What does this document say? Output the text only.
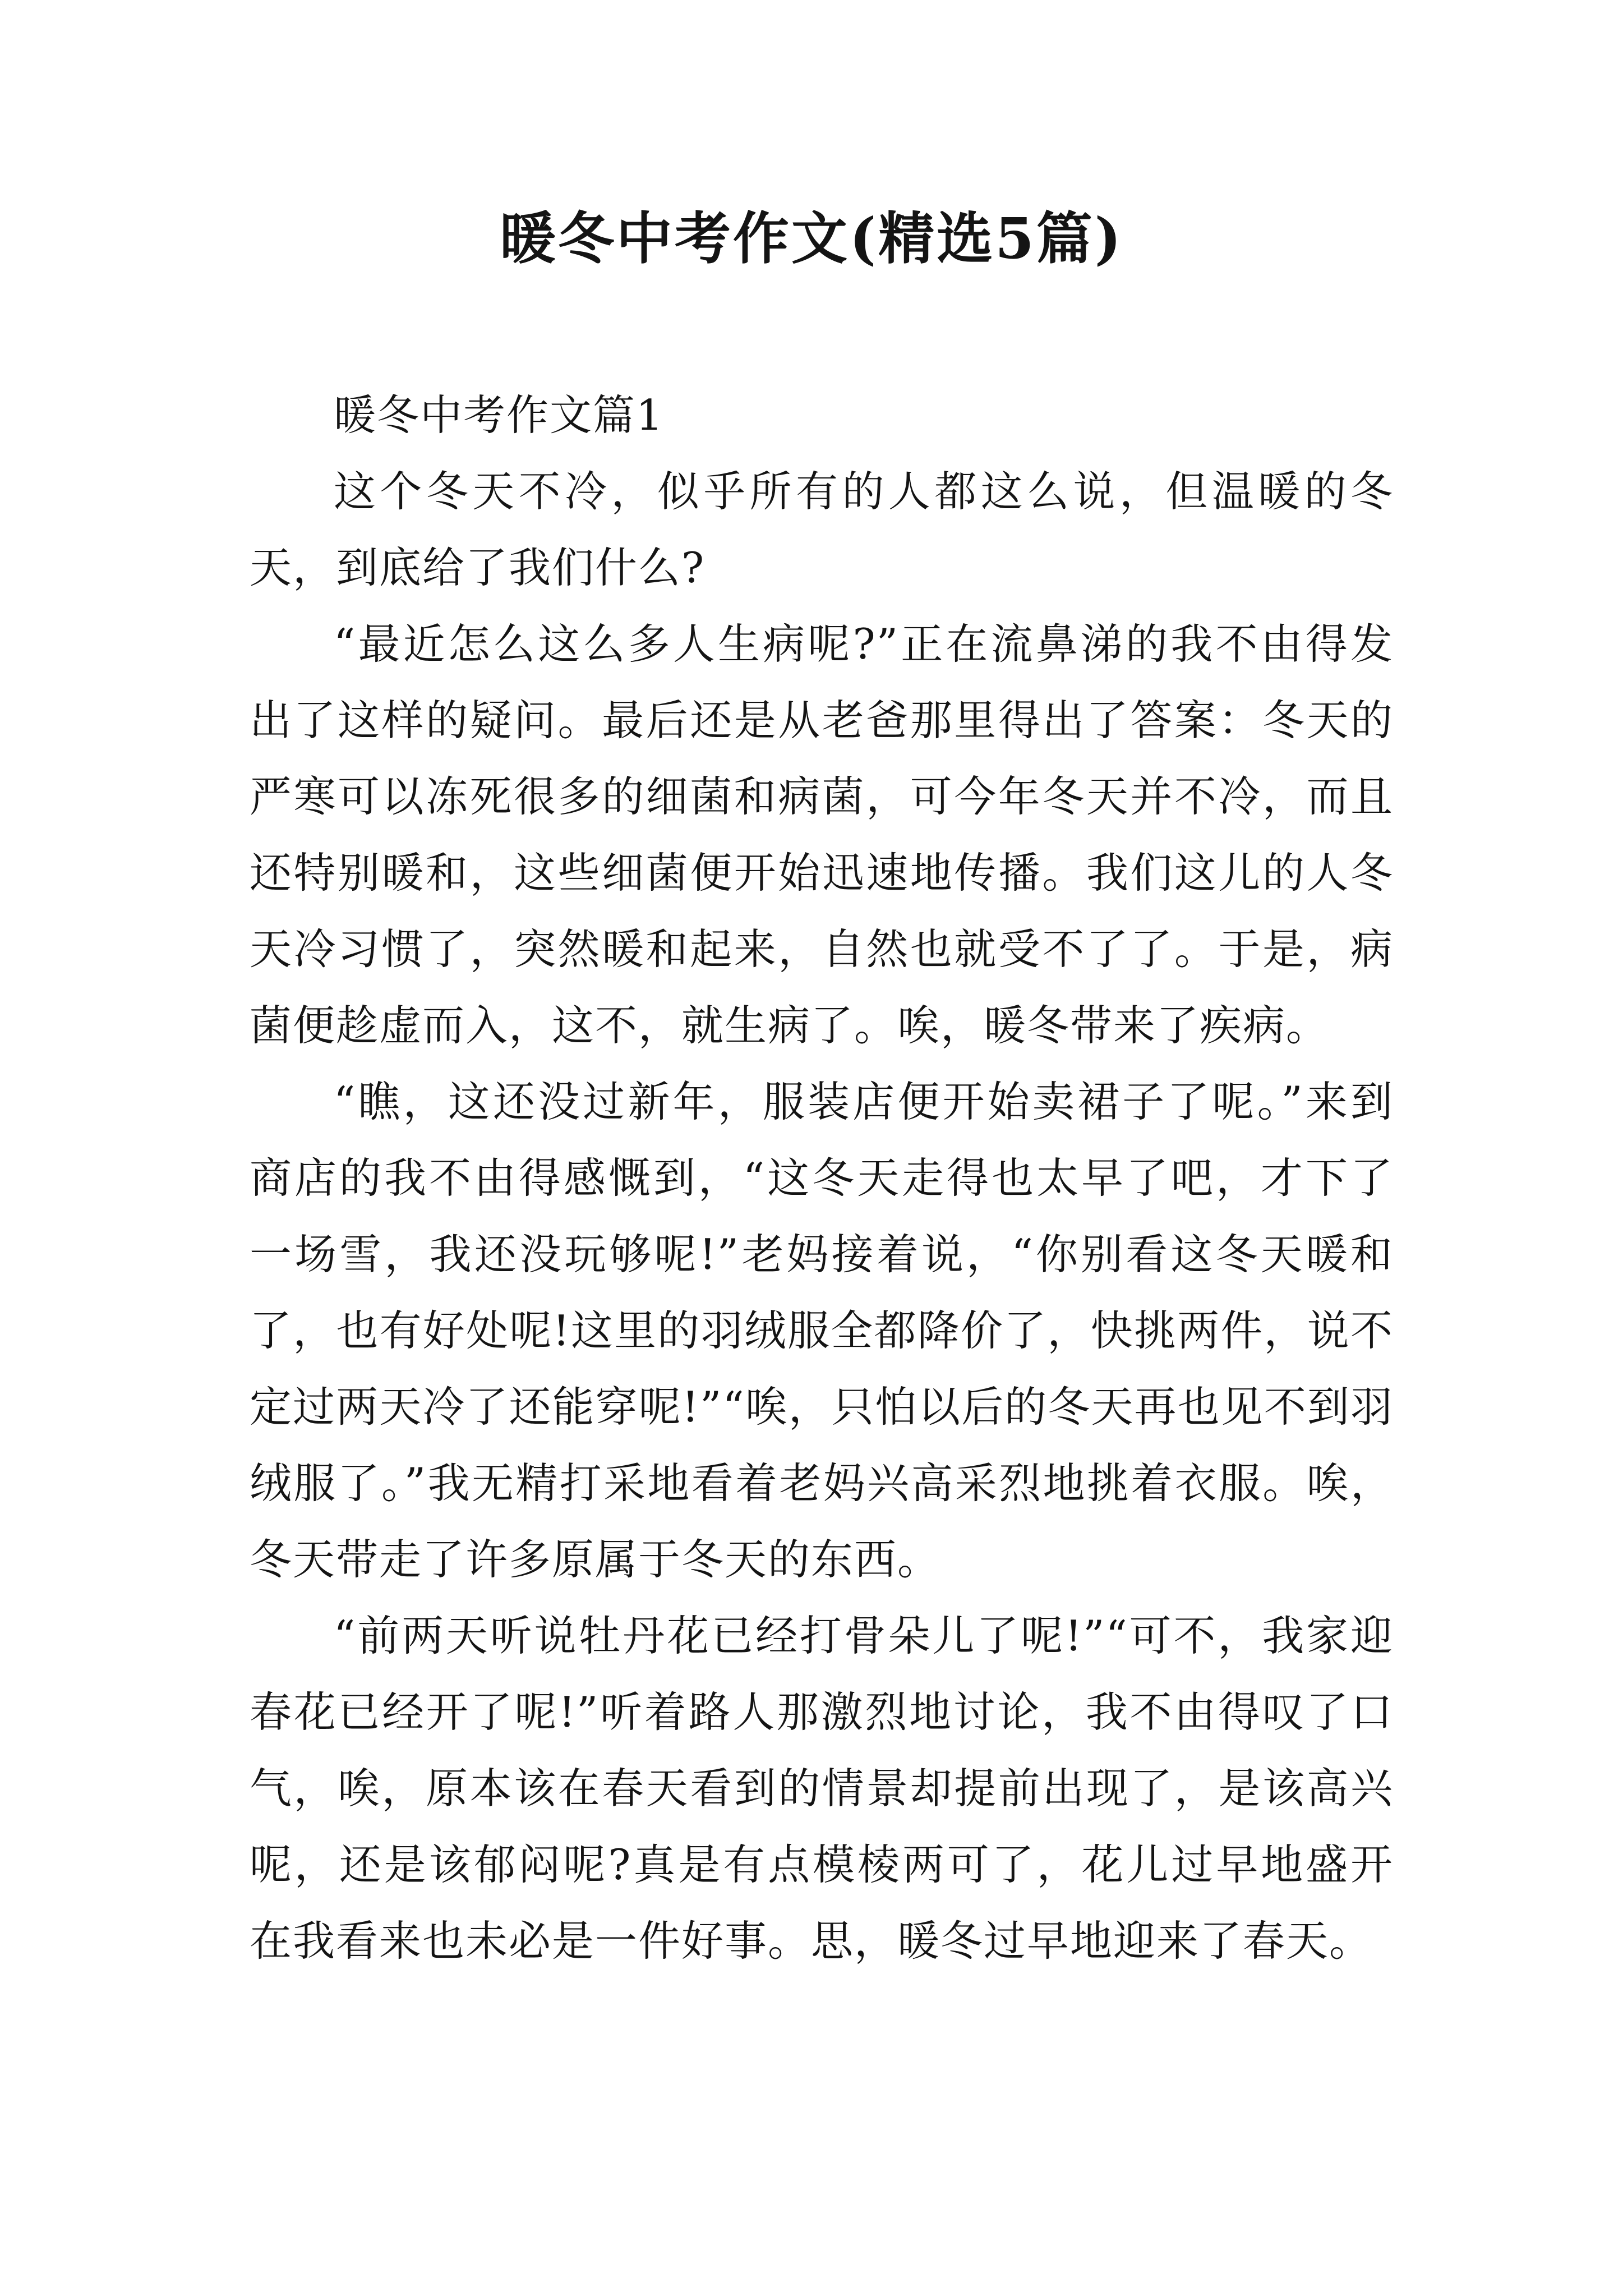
暖冬中考作文(精选5篇)

暖冬中考作文篇1

这个冬天不冷，似乎所有的人都这么说，但温暖的冬天，到底给了我们什么?

“最近怎么这么多人生病呢?”正在流鼻涕的我不由得发出了这样的疑问。最后还是从老爸那里得出了答案：冬天的严寒可以冻死很多的细菌和病菌，可今年冬天并不冷，而且还特别暖和，这些细菌便开始迅速地传播。我们这儿的人冬天冷习惯了，突然暖和起来，自然也就受不了了。于是，病菌便趁虚而入，这不，就生病了。唉，暖冬带来了疾病。

“瞧，这还没过新年，服装店便开始卖裙子了呢。”来到商店的我不由得感慨到，“这冬天走得也太早了吧，才下了一场雪，我还没玩够呢!”老妈接着说，“你别看这冬天暖和了，也有好处呢!这里的羽绒服全都降价了，快挑两件，说不定过两天冷了还能穿呢!”“唉，只怕以后的冬天再也见不到羽绒服了。”我无精打采地看着老妈兴高采烈地挑着衣服。唉，冬天带走了许多原属于冬天的东西。

“前两天听说牡丹花已经打骨朵儿了呢!”“可不，我家迎春花已经开了呢!”听着路人那激烈地讨论，我不由得叹了口气，唉，原本该在春天看到的情景却提前出现了，是该高兴呢，还是该郁闷呢?真是有点模棱两可了，花儿过早地盛开在我看来也未必是一件好事。思，暖冬过早地迎来了春天。
